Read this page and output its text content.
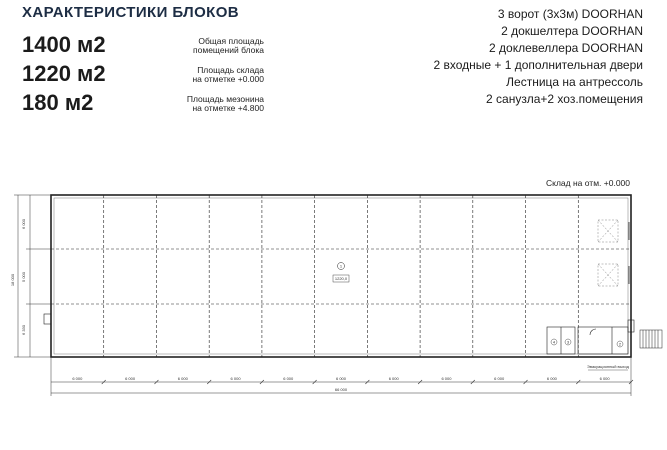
ХАРАКТЕРИСТИКИ БЛОКОВ
1400 м2	Общая площадь
помещений блока
1220 м2	Площадь склада
на отметке +0.000
180 м2	Площадь мезонина
на отметке +4.800
3 ворот (3х3м) DOORHAN
2 докшелтера DOORHAN
2 доклевеллера DOORHAN
2 входные + 1 дополнительная двери
Лестница на антрессоль
2 санузла+2 хоз.помещения
Склад на отм. +0.000
6 000
5 000
6 330
18 000
6 000	6 000	6 000	6 000	6 000	6 000	6 000	6 000	6 000	6 000	6 000
66 000
1
1220,0
4	3	2
Эвакуационный выход
